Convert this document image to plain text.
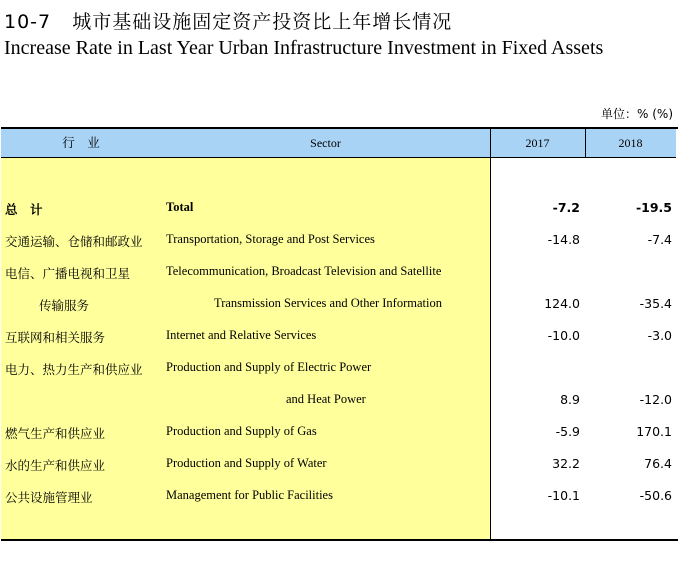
10-7 城市基础设施固定资产投资比上年增长情况
Increase Rate in Last Year Urban Infrastructure Investment in Fixed Assets
单位：% (%)
行　业	Sector	2017	2018
总　计	Total	-7.2	-19.5
交通运输、仓储和邮政业 Transportation, Storage and Post Services	-14.8	-7.4
电信、广播电视和卫星	Telecommunication, Broadcast Television and Satellite
传输服务	Transmission Services and Other Information	124.0	-35.4
互联网和相关服务	Internet and Relative Services	-10.0	-3.0
电力、热力生产和供应业 Production and Supply of Electric Power
and Heat Power	8.9	-12.0
燃气生产和供应业	Production and Supply of Gas	-5.9	170.1
水的生产和供应业	Production and Supply of Water	32.2	76.4
公共设施管理业	Management for Public Facilities	-10.1	-50.6
